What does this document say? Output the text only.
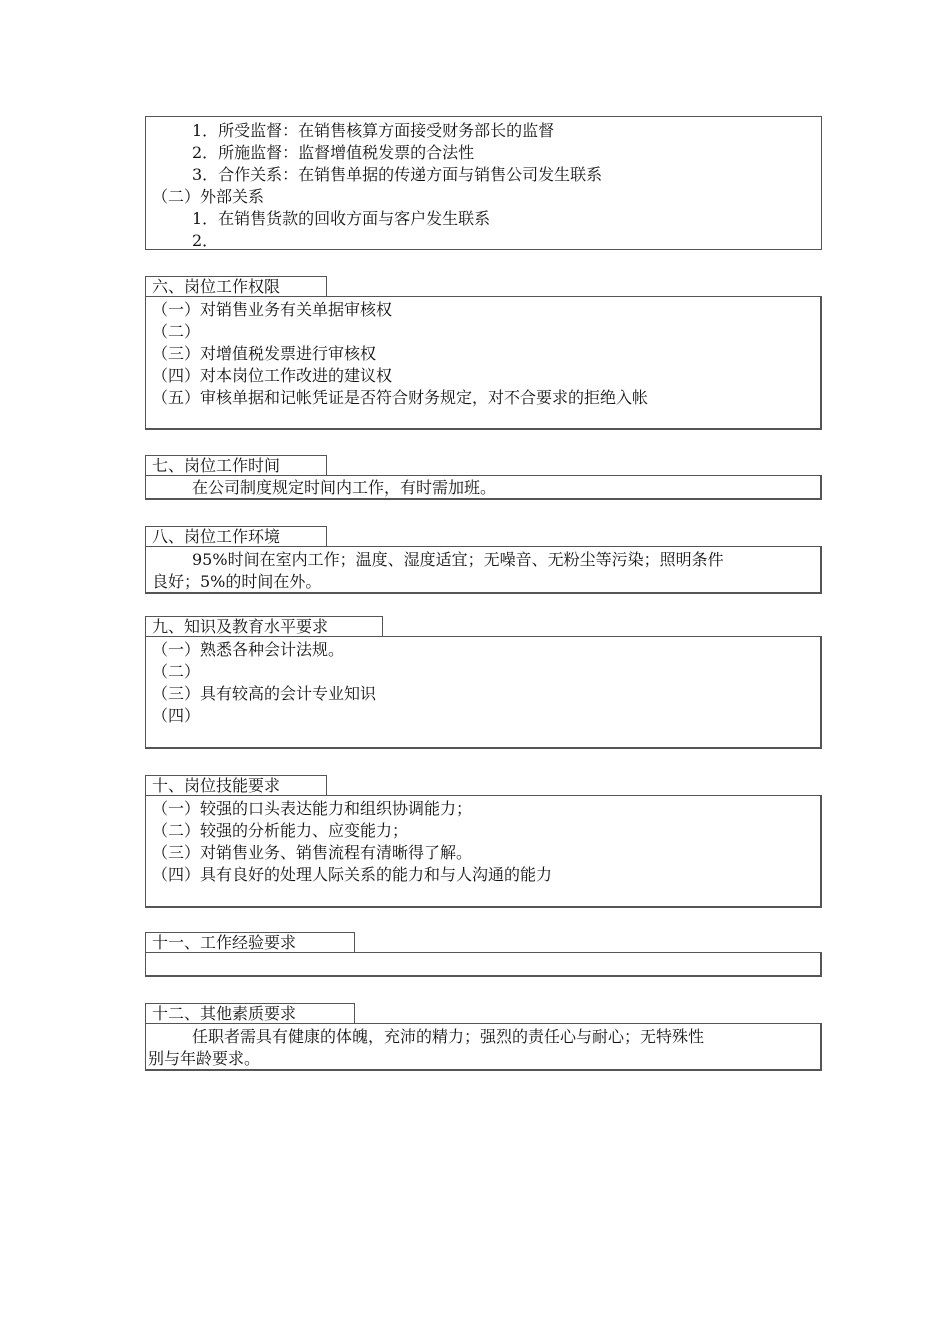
1．所受监督：在销售核算方面接受财务部长的监督
2．所施监督：监督增值税发票的合法性
3．合作关系：在销售单据的传递方面与销售公司发生联系
（二）外部关系
1．在销售货款的回收方面与客户发生联系
2．
六、岗位工作权限
（一）对销售业务有关单据审核权
（二）
（三）对增值税发票进行审核权
（四）对本岗位工作改进的建议权
（五）审核单据和记帐凭证是否符合财务规定，对不合要求的拒绝入帐
七、岗位工作时间
在公司制度规定时间内工作，有时需加班。
八、岗位工作环境
95%时间在室内工作；温度、湿度适宜；无噪音、无粉尘等污染；照明条件
良好；5%的时间在外。
九、知识及教育水平要求
（一）熟悉各种会计法规。
（二）
（三）具有较高的会计专业知识
（四）
十、岗位技能要求
（一）较强的口头表达能力和组织协调能力；
（二）较强的分析能力、应变能力；
（三）对销售业务、销售流程有清晰得了解。
（四）具有良好的处理人际关系的能力和与人沟通的能力
十一、工作经验要求
十二、其他素质要求
任职者需具有健康的体魄，充沛的精力；强烈的责任心与耐心；无特殊性
别与年龄要求。
